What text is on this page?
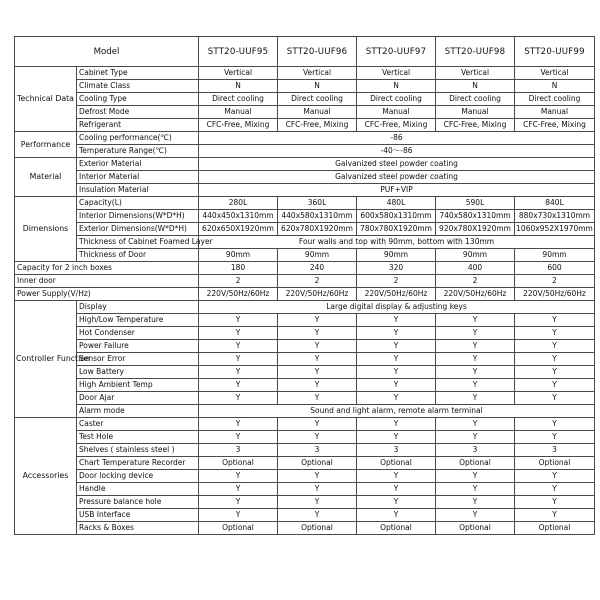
Model		STT20-UUF95	STT20-UUF96	STT20-UUF97	STT20-UUF98	STT20-UUF99
Technical Data	Cabinet Type	Vertical	Vertical	Vertical	Vertical	Vertical
	Climate Class	N	N	N	N	N
	Cooling Type	Direct cooling	Direct cooling	Direct cooling	Direct cooling	Direct cooling
	Defrost Mode	Manual	Manual	Manual	Manual	Manual
	Refrigerant	CFC-Free, Mixing	CFC-Free, Mixing	CFC-Free, Mixing	CFC-Free, Mixing	CFC-Free, Mixing
Performance	Cooling performance(℃)	-86				
	Temperature Range(℃)	-40～-86				
Material	Exterior Material	Galvanized steel powder coating				
	Interior Material	Galvanized steel powder coating				
	Insulation Material	PUF+VIP				
Dimensions	Capacity(L)	280L	360L	480L	590L	840L
	Interior Dimensions(W*D*H)	440x450x1310mm	440x580x1310mm	600x580x1310mm	740x580x1310mm	880x730x1310mm
	Exterior Dimensions(W*D*H)	620x650X1920mm	620x780X1920mm	780x780X1920mm	920x780X1920mm	1060x952X1970mm
	Thickness of Cabinet Foamed Layer	Four walls and top with 90mm, bottom with 130mm				
	Thickness of Door	90mm	90mm	90mm	90mm	90mm
Capacity for 2 inch boxes		180	240	320	400	600
Inner door		2	2	2	2	2
Power Supply(V/Hz)		220V/50Hz/60Hz	220V/50Hz/60Hz	220V/50Hz/60Hz	220V/50Hz/60Hz	220V/50Hz/60Hz
Controller Function	Display	Large digital display & adjusting keys				
	High/Low Temperature	Y	Y	Y	Y	Y
	Hot Condenser	Y	Y	Y	Y	Y
	Power Failure	Y	Y	Y	Y	Y
	Sensor Error	Y	Y	Y	Y	Y
	Low Battery	Y	Y	Y	Y	Y
	High Ambient Temp	Y	Y	Y	Y	Y
	Door Ajar	Y	Y	Y	Y	Y
	Alarm mode	Sound and light alarm, remote alarm terminal				
Accessories	Caster	Y	Y	Y	Y	Y
	Test Hole	Y	Y	Y	Y	Y
	Shelves ( stainless steel )	3	3	3	3	3
	Chart Temperature Recorder	Optional	Optional	Optional	Optional	Optional
	Door locking device	Y	Y	Y	Y	Y
	Handle	Y	Y	Y	Y	Y
	Pressure balance hole	Y	Y	Y	Y	Y
	USB Interface	Y	Y	Y	Y	Y
	Racks & Boxes	Optional	Optional	Optional	Optional	Optional
